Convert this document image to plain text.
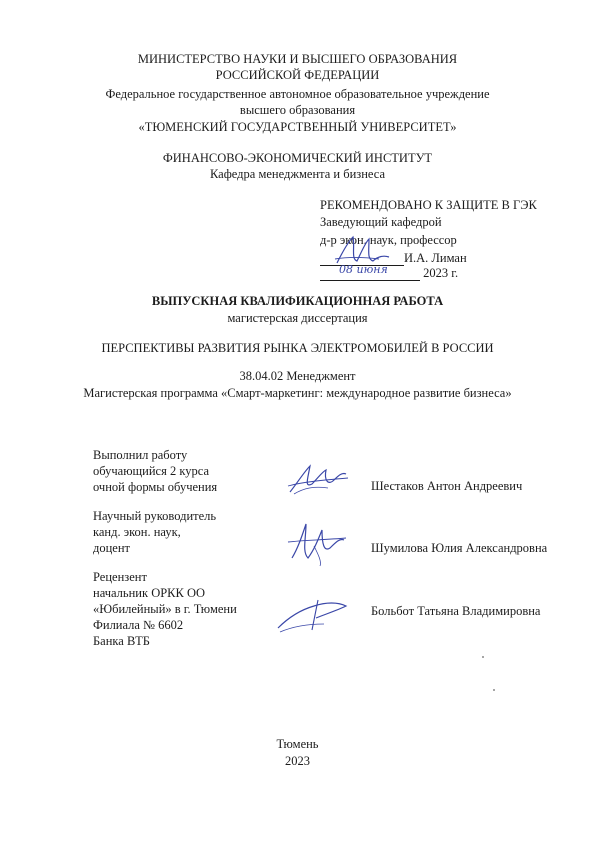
МИНИСТЕРСТВО НАУКИ И ВЫСШЕГО ОБРАЗОВАНИЯ
РОССИЙСКОЙ ФЕДЕРАЦИИ
Федеральное государственное автономное образовательное учреждение
высшего образования
«ТЮМЕНСКИЙ ГОСУДАРСТВЕННЫЙ УНИВЕРСИТЕТ»
ФИНАНСОВО-ЭКОНОМИЧЕСКИЙ ИНСТИТУТ
Кафедра менеджмента и бизнеса
РЕКОМЕНДОВАНО К ЗАЩИТЕ В ГЭК
Заведующий кафедрой
д-р экон. наук, профессор
И.А. Лиман
2023 г.
08 июня
ВЫПУСКНАЯ КВАЛИФИКАЦИОННАЯ РАБОТА
магистерская диссертация
ПЕРСПЕКТИВЫ РАЗВИТИЯ РЫНКА ЭЛЕКТРОМОБИЛЕЙ В РОССИИ
38.04.02 Менеджмент
Магистерская программа «Смарт-маркетинг: международное развитие бизнеса»
Выполнил работу
обучающийся 2 курса
очной формы обучения	Шестаков Антон Андреевич
Научный руководитель
канд. экон. наук,
доцент	Шумилова Юлия Александровна
Рецензент
начальник ОРКК ОО
«Юбилейный» в г. Тюмени
Филиала № 6602
Банка ВТБ
Больбот Татьяна Владимировна
Тюмень
2023
